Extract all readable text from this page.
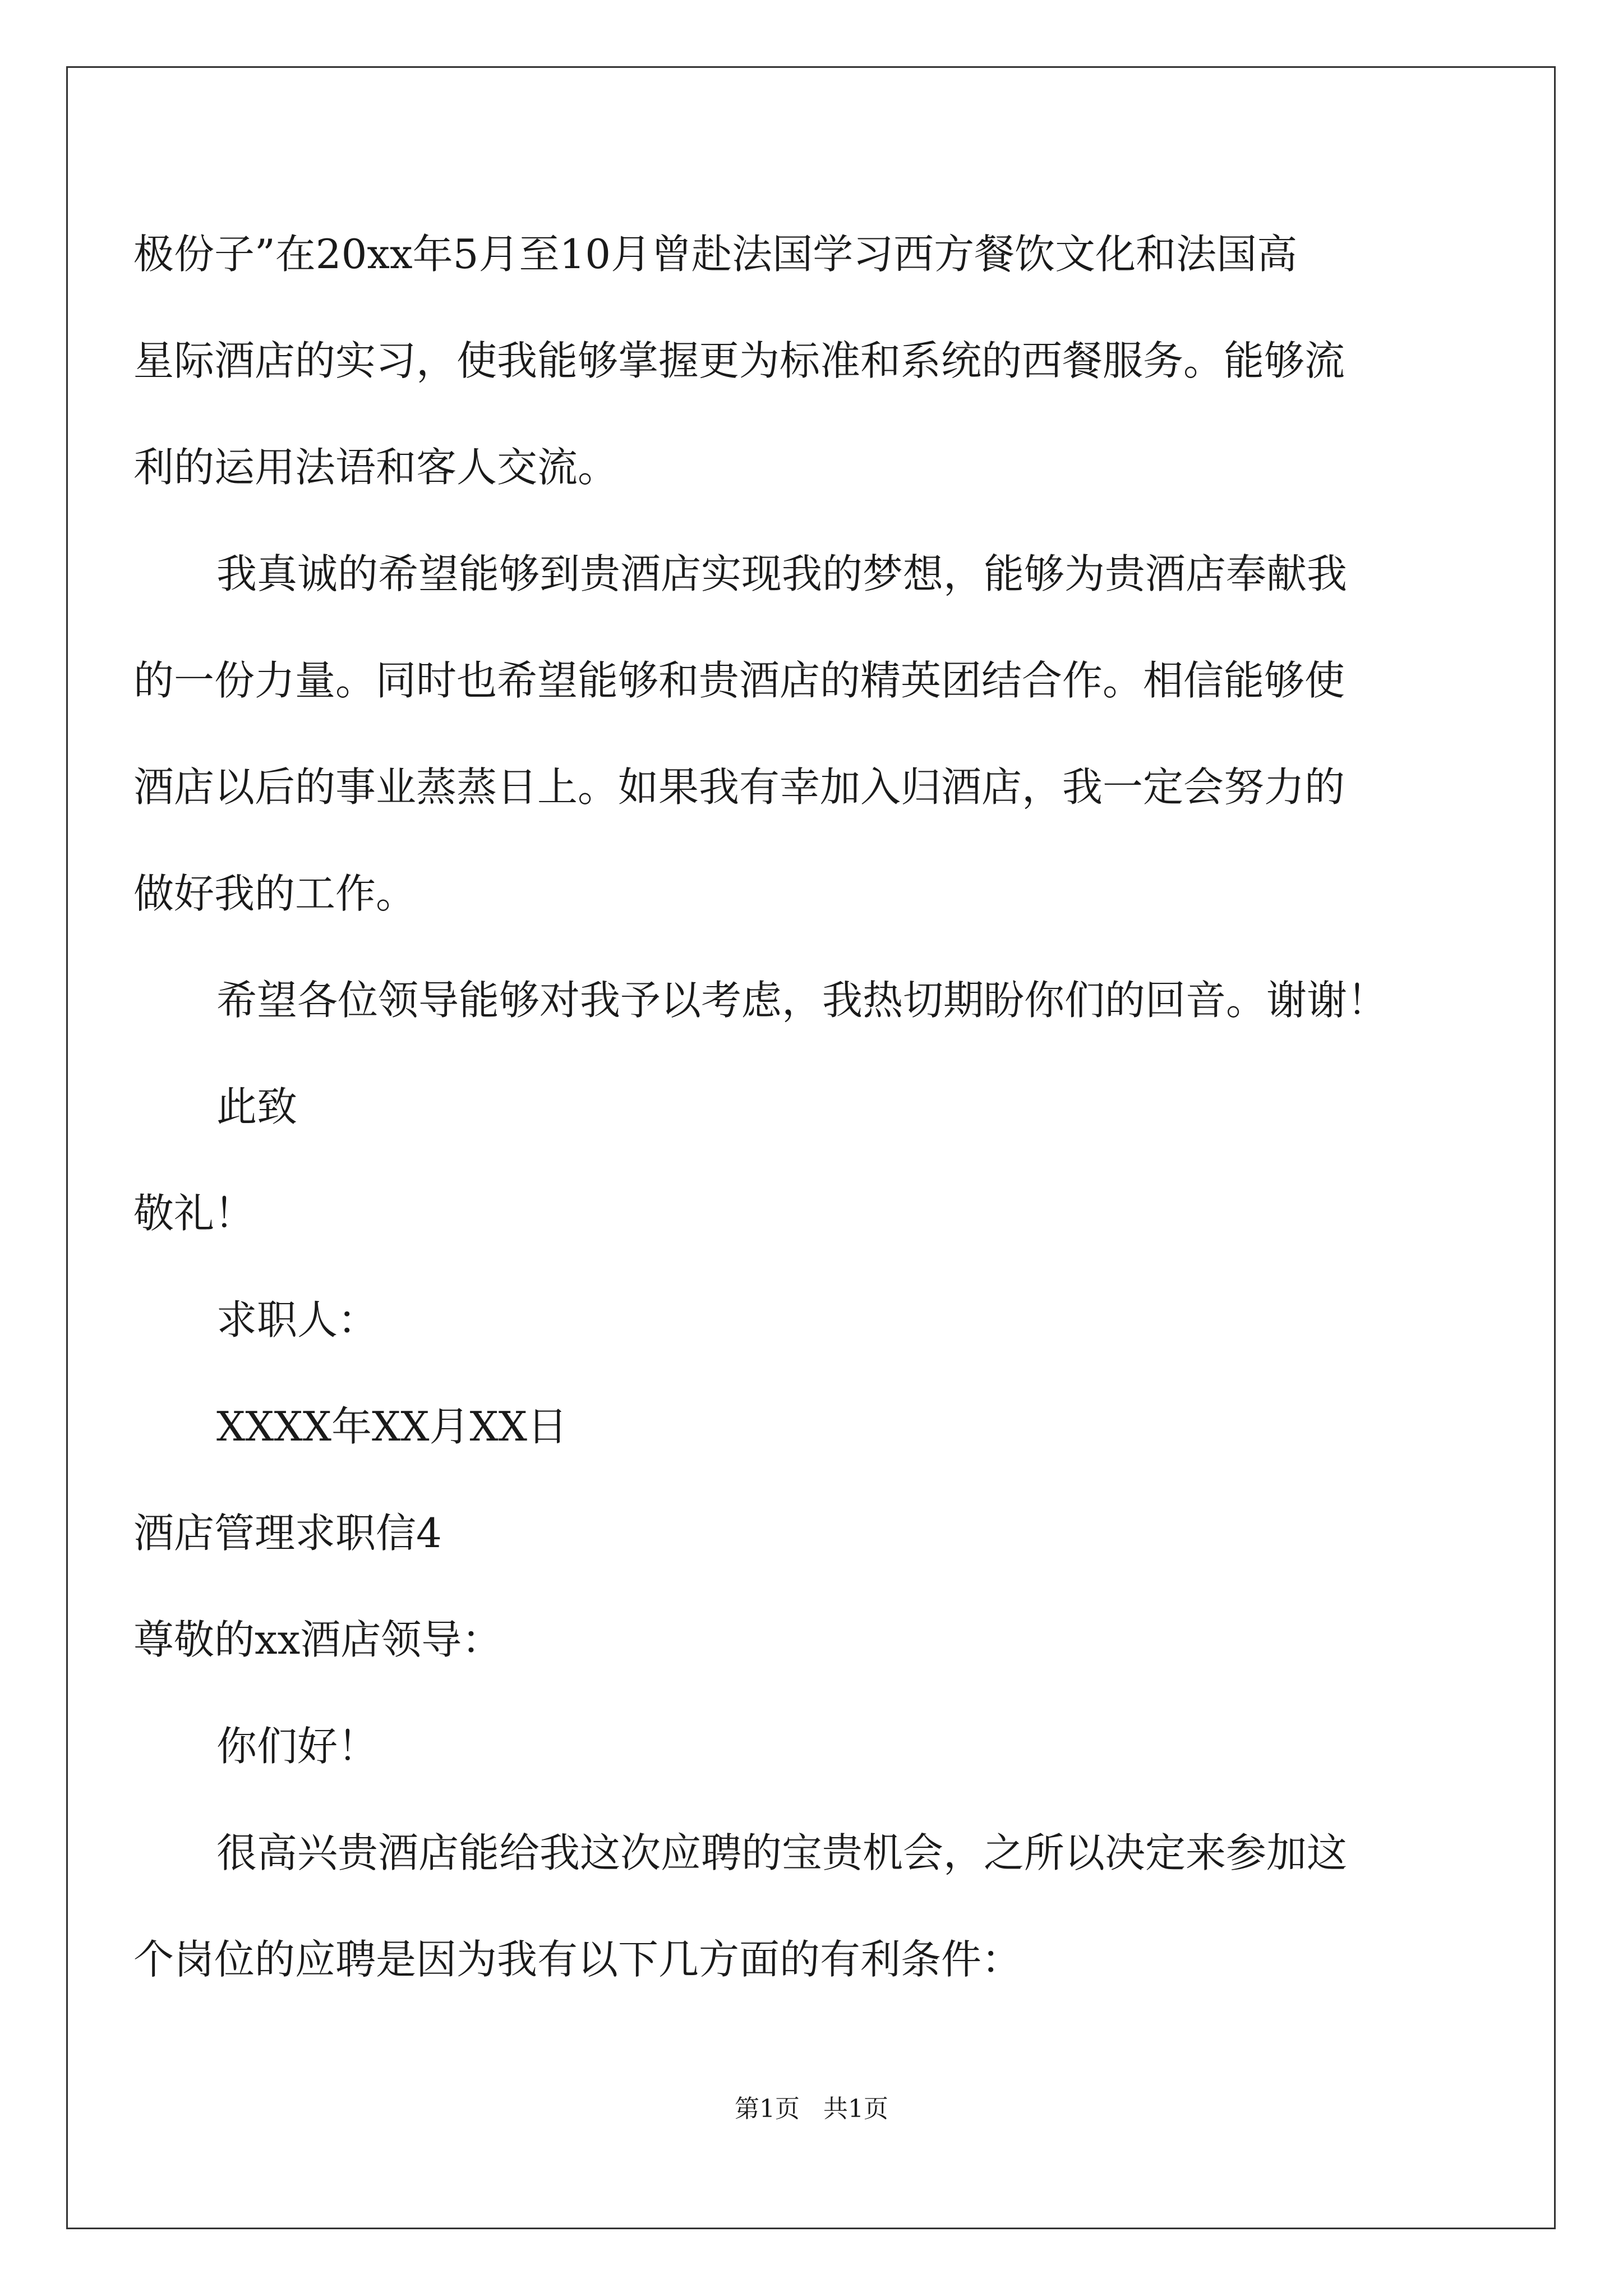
极份子”在20xx年5月至10月曾赴法国学习西方餐饮文化和法国高
星际酒店的实习，使我能够掌握更为标准和系统的西餐服务。能够流
利的运用法语和客人交流。
我真诚的希望能够到贵酒店实现我的梦想，能够为贵酒店奉献我
的一份力量。同时也希望能够和贵酒店的精英团结合作。相信能够使
酒店以后的事业蒸蒸日上。如果我有幸加入归酒店，我一定会努力的
做好我的工作。
希望各位领导能够对我予以考虑，我热切期盼你们的回音。谢谢！
此致
敬礼！
求职人：
XXXX年XX月XX日
酒店管理求职信4
尊敬的xx酒店领导：
你们好！
很高兴贵酒店能给我这次应聘的宝贵机会，之所以决定来参加这
个岗位的应聘是因为我有以下几方面的有利条件：
第1页   共1页
